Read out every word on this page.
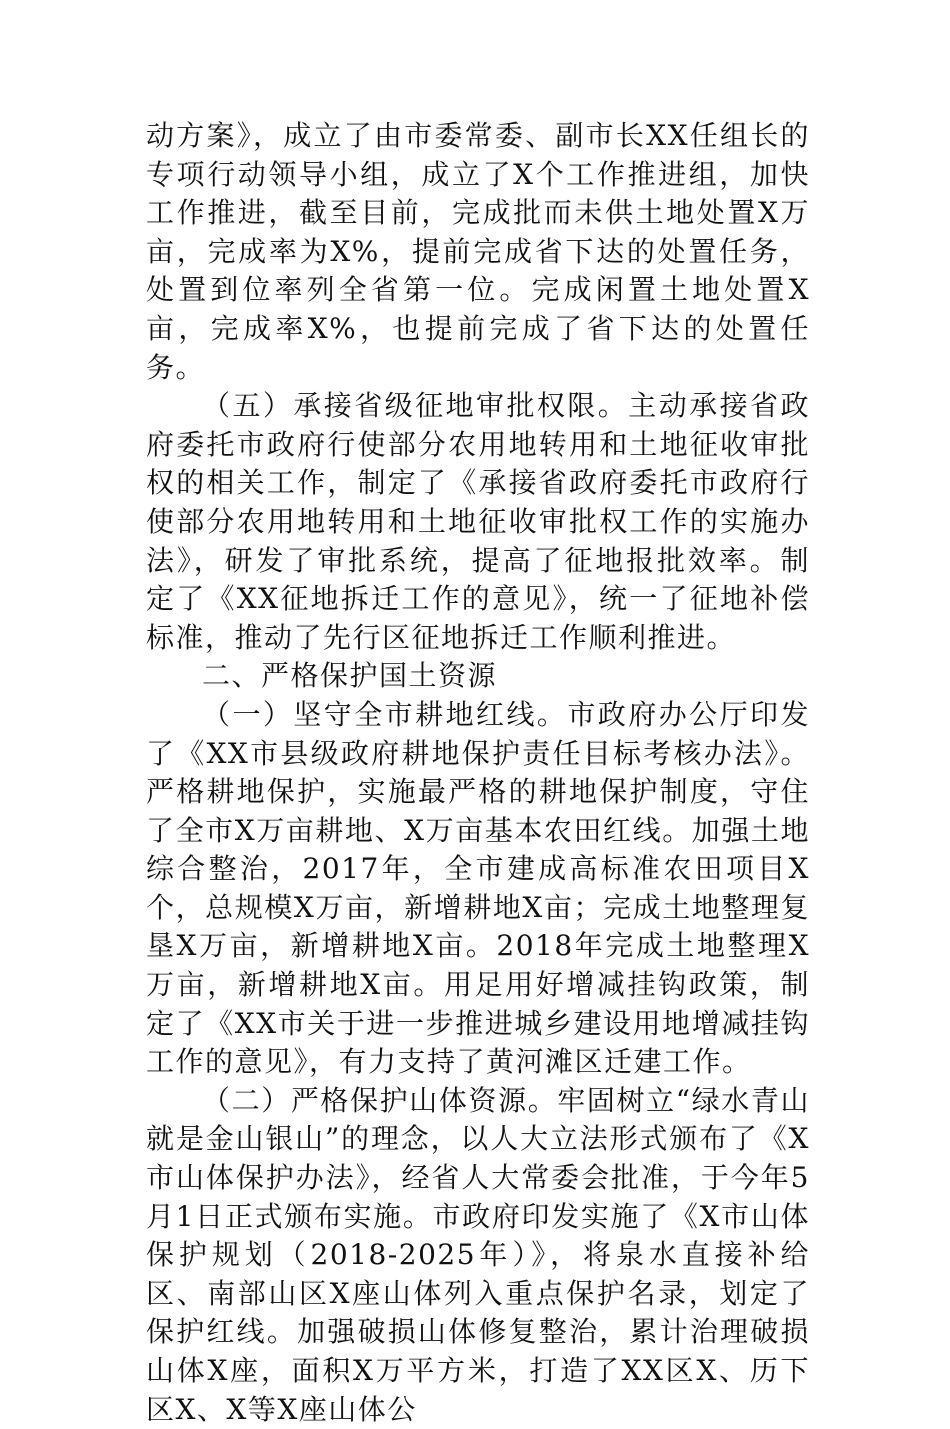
动方案》，成立了由市委常委、副市长XX任组长的专项行动领导小组，成立了X个工作推进组，加快工作推进，截至目前，完成批而未供土地处置X万亩，完成率为X%，提前完成省下达的处置任务，处置到位率列全省第一位。完成闲置土地处置X亩，完成率X%，也提前完成了省下达的处置任务。

（五）承接省级征地审批权限。主动承接省政府委托市政府行使部分农用地转用和土地征收审批权的相关工作，制定了《承接省政府委托市政府行使部分农用地转用和土地征收审批权工作的实施办法》，研发了审批系统，提高了征地报批效率。制定了《XX征地拆迁工作的意见》，统一了征地补偿标准，推动了先行区征地拆迁工作顺利推进。

二、严格保护国土资源

（一）坚守全市耕地红线。市政府办公厅印发了《XX市县级政府耕地保护责任目标考核办法》。严格耕地保护，实施最严格的耕地保护制度，守住了全市X万亩耕地、X万亩基本农田红线。加强土地综合整治，2017年，全市建成高标准农田项目X个，总规模X万亩，新增耕地X亩；完成土地整理复垦X万亩，新增耕地X亩。2018年完成土地整理X万亩，新增耕地X亩。用足用好增减挂钩政策，制定了《XX市关于进一步推进城乡建设用地增减挂钩工作的意见》，有力支持了黄河滩区迁建工作。

（二）严格保护山体资源。牢固树立“绿水青山就是金山银山”的理念，以人大立法形式颁布了《X市山体保护办法》，经省人大常委会批准，于今年5月1日正式颁布实施。市政府印发实施了《X市山体保护规划（2018-2025年）》，将泉水直接补给区、南部山区X座山体列入重点保护名录，划定了保护红线。加强破损山体修复整治，累计治理破损山体X座，面积X万平方米，打造了XX区X、历下区X、X等X座山体公
